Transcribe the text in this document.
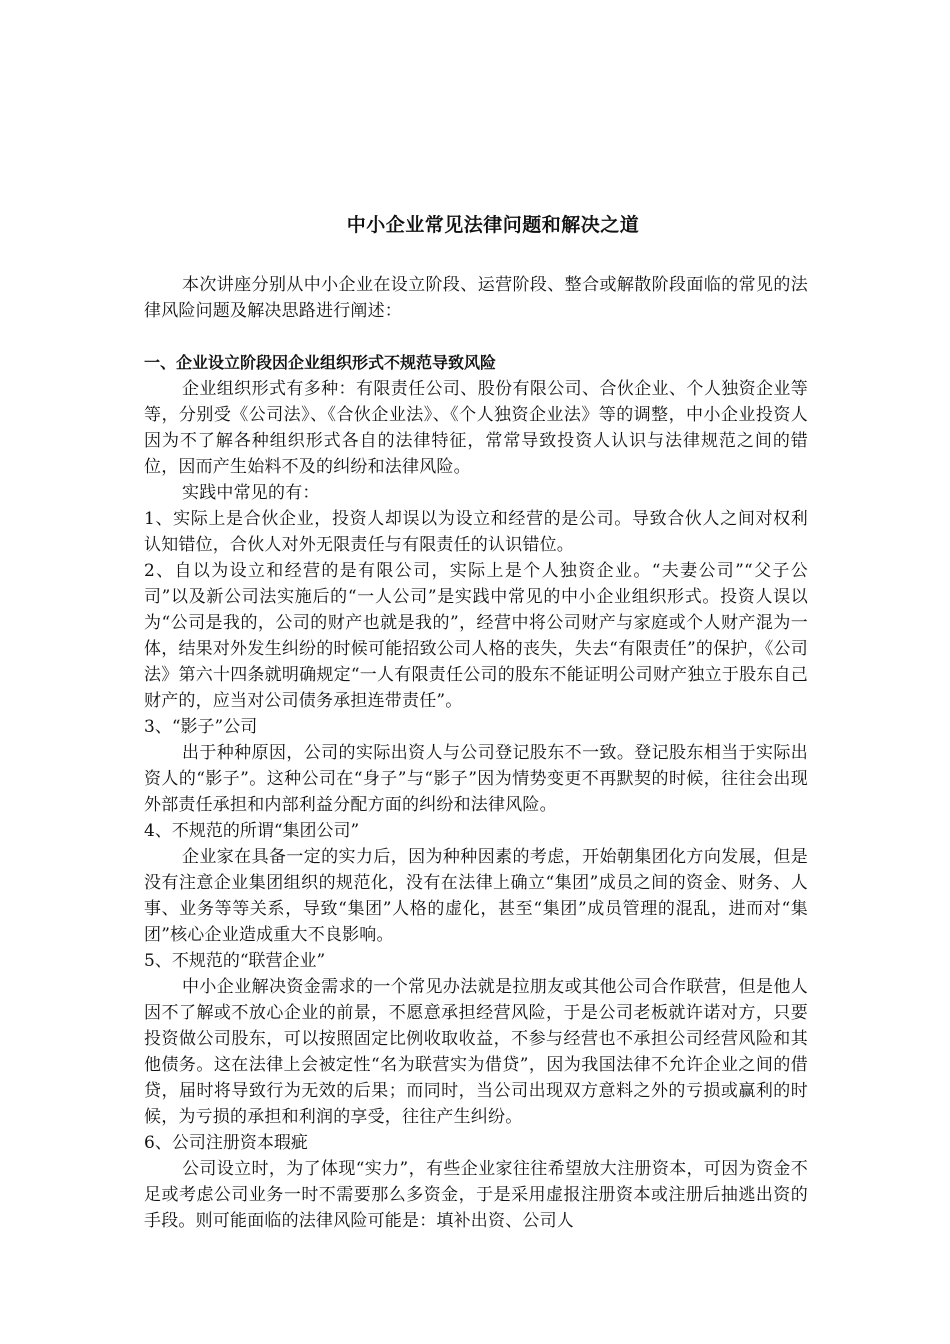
中小企业常见法律问题和解决之道

本次讲座分别从中小企业在设立阶段、运营阶段、整合或解散阶段面临的常见的法律风险问题及解决思路进行阐述：

一、企业设立阶段因企业组织形式不规范导致风险

企业组织形式有多种：有限责任公司、股份有限公司、合伙企业、个人独资企业等等，分别受《公司法》、《合伙企业法》、《个人独资企业法》等的调整，中小企业投资人因为不了解各种组织形式各自的法律特征，常常导致投资人认识与法律规范之间的错位，因而产生始料不及的纠纷和法律风险。

实践中常见的有：

1、实际上是合伙企业，投资人却误以为设立和经营的是公司。导致合伙人之间对权利认知错位，合伙人对外无限责任与有限责任的认识错位。

2、自以为设立和经营的是有限公司，实际上是个人独资企业。“夫妻公司”“父子公司”以及新公司法实施后的“一人公司”是实践中常见的中小企业组织形式。投资人误以为“公司是我的，公司的财产也就是我的”，经营中将公司财产与家庭或个人财产混为一体，结果对外发生纠纷的时候可能招致公司人格的丧失，失去“有限责任”的保护，《公司法》第六十四条就明确规定“一人有限责任公司的股东不能证明公司财产独立于股东自己财产的，应当对公司债务承担连带责任”。

3、“影子”公司

出于种种原因，公司的实际出资人与公司登记股东不一致。登记股东相当于实际出资人的“影子”。这种公司在“身子”与“影子”因为情势变更不再默契的时候，往往会出现外部责任承担和内部利益分配方面的纠纷和法律风险。

4、不规范的所谓“集团公司”

企业家在具备一定的实力后，因为种种因素的考虑，开始朝集团化方向发展，但是没有注意企业集团组织的规范化，没有在法律上确立“集团”成员之间的资金、财务、人事、业务等等关系，导致“集团”人格的虚化，甚至“集团”成员管理的混乱，进而对“集团”核心企业造成重大不良影响。

5、不规范的“联营企业”

中小企业解决资金需求的一个常见办法就是拉朋友或其他公司合作联营，但是他人因不了解或不放心企业的前景，不愿意承担经营风险，于是公司老板就许诺对方，只要投资做公司股东，可以按照固定比例收取收益，不参与经营也不承担公司经营风险和其他债务。这在法律上会被定性“名为联营实为借贷”，因为我国法律不允许企业之间的借贷，届时将导致行为无效的后果；而同时，当公司出现双方意料之外的亏损或赢利的时候，为亏损的承担和利润的享受，往往产生纠纷。

6、公司注册资本瑕疵

公司设立时，为了体现“实力”，有些企业家往往希望放大注册资本，可因为资金不足或考虑公司业务一时不需要那么多资金，于是采用虚报注册资本或注册后抽逃出资的手段。则可能面临的法律风险可能是：填补出资、公司人
